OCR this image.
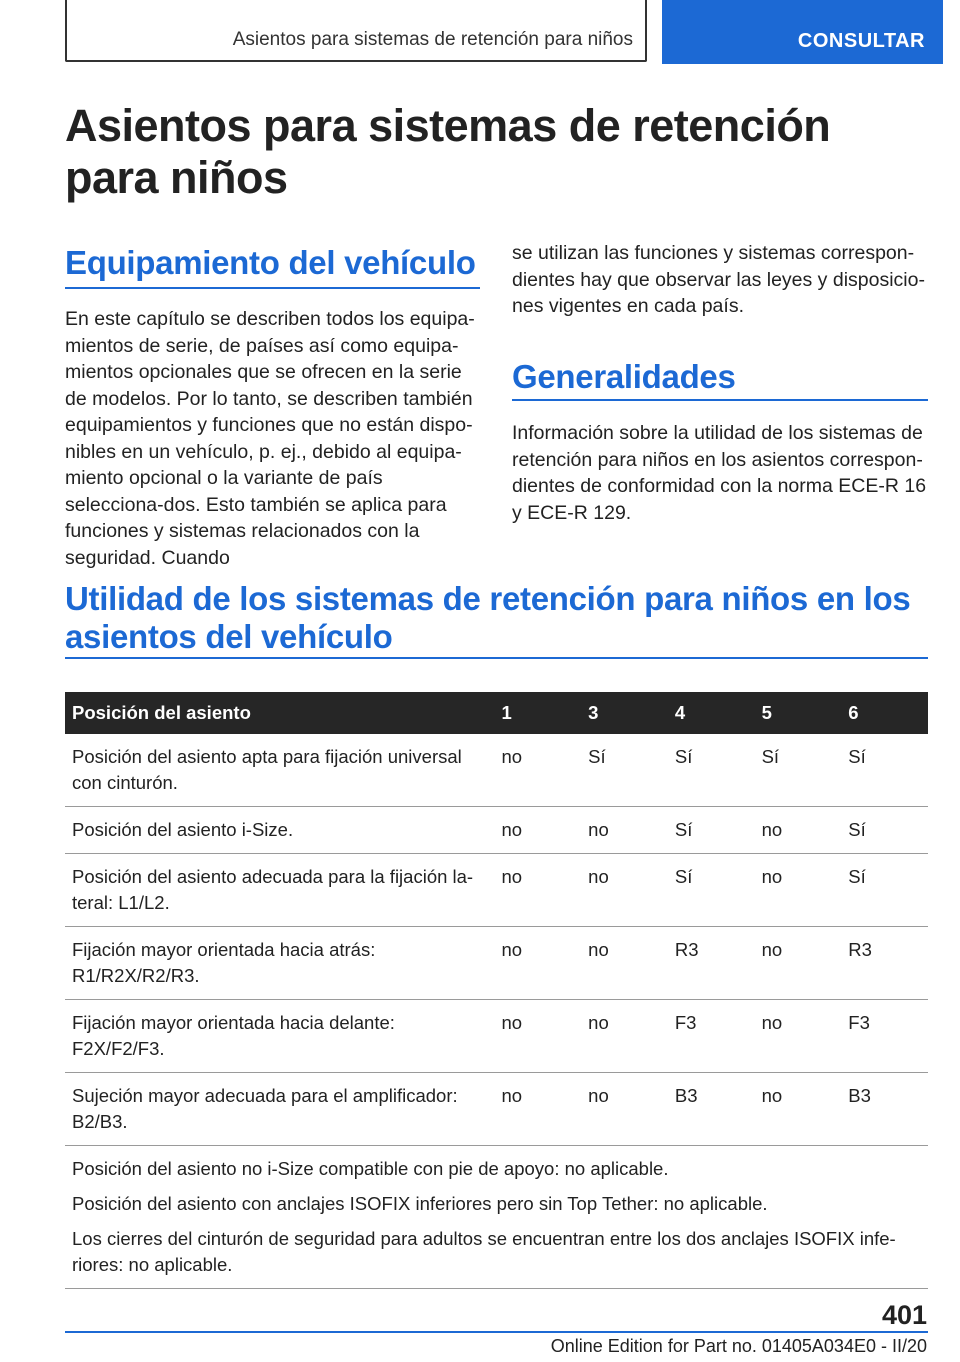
Asientos para sistemas de retención para niños	CONSULTAR
Asientos para sistemas de retención para niños
Equipamiento del vehículo

En este capítulo se describen todos los equipa-mientos de serie, de países así como equipa-mientos opcionales que se ofrecen en la serie de modelos. Por lo tanto, se describen también equipamientos y funciones que no están dispo-nibles en un vehículo, p. ej., debido al equipa-miento opcional o la variante de país selecciona-dos. Esto también se aplica para funciones y sistemas relacionados con la seguridad. Cuando

se utilizan las funciones y sistemas correspon-dientes hay que observar las leyes y disposicio-nes vigentes en cada país.

Generalidades

Información sobre la utilidad de los sistemas de retención para niños en los asientos correspon-dientes de conformidad con la norma ECE-R 16 y ECE-R 129.

Utilidad de los sistemas de retención para niños en los asientos del vehículo
Posición del asiento	1	3	4	5	6
Posición del asiento apta para fijación universal con cinturón.	no	Sí	Sí	Sí	Sí
Posición del asiento i-Size.	no	no	Sí	no	Sí
Posición del asiento adecuada para la fijación la-teral: L1/L2.	no	no	Sí	no	Sí
Fijación mayor orientada hacia atrás: R1/R2X/R2/R3.	no	no	R3	no	R3
Fijación mayor orientada hacia delante: F2X/F2/F3.	no	no	F3	no	F3
Sujeción mayor adecuada para el amplificador: B2/B3.	no	no	B3	no	B3

Posición del asiento no i-Size compatible con pie de apoyo: no aplicable.

Posición del asiento con anclajes ISOFIX inferiores pero sin Top Tether: no aplicable.

Los cierres del cinturón de seguridad para adultos se encuentran entre los dos anclajes ISOFIX infe-riores: no aplicable.					

401
Online Edition for Part no. 01405A034E0 - II/20
